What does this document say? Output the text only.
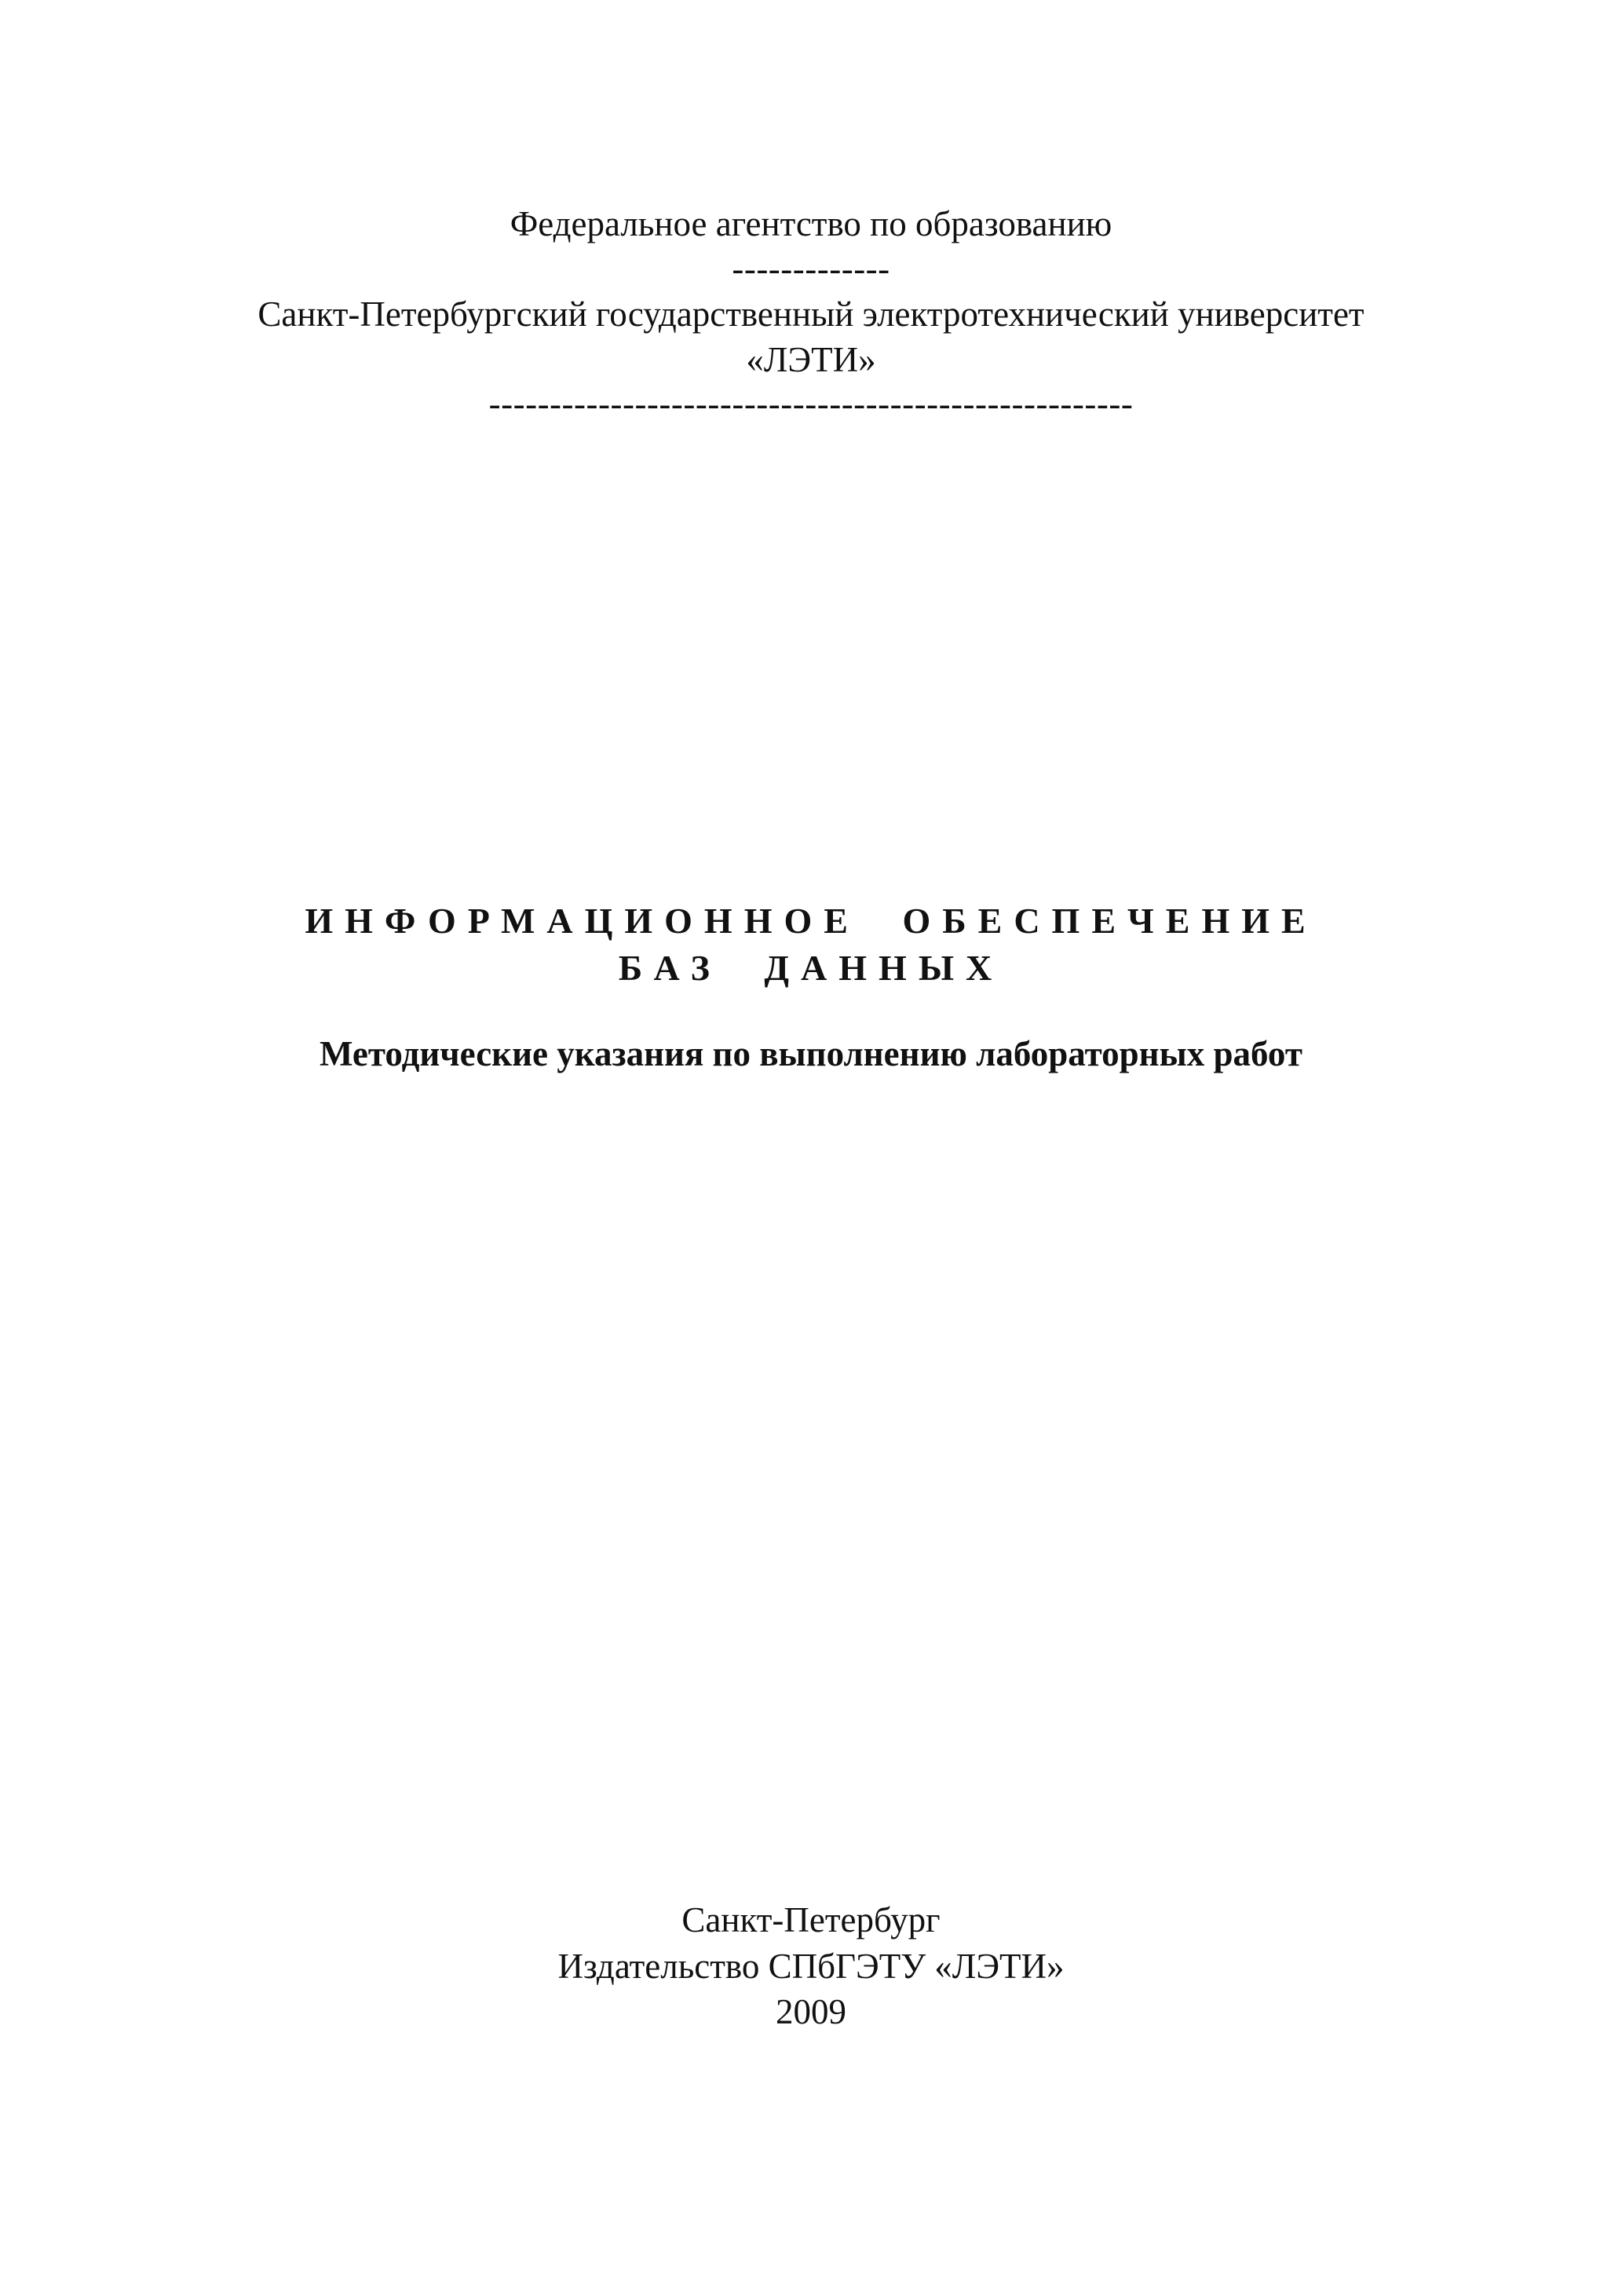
Федеральное агентство по образованию
-------------
Санкт-Петербургский государственный электротехнический университет
«ЛЭТИ»
-----------------------------------------------------
ИНФОРМАЦИОННОЕ ОБЕСПЕЧЕНИЕ
БАЗ ДАННЫХ
Методические указания по выполнению лабораторных работ
Санкт-Петербург
Издательство СПбГЭТУ «ЛЭТИ»
2009
